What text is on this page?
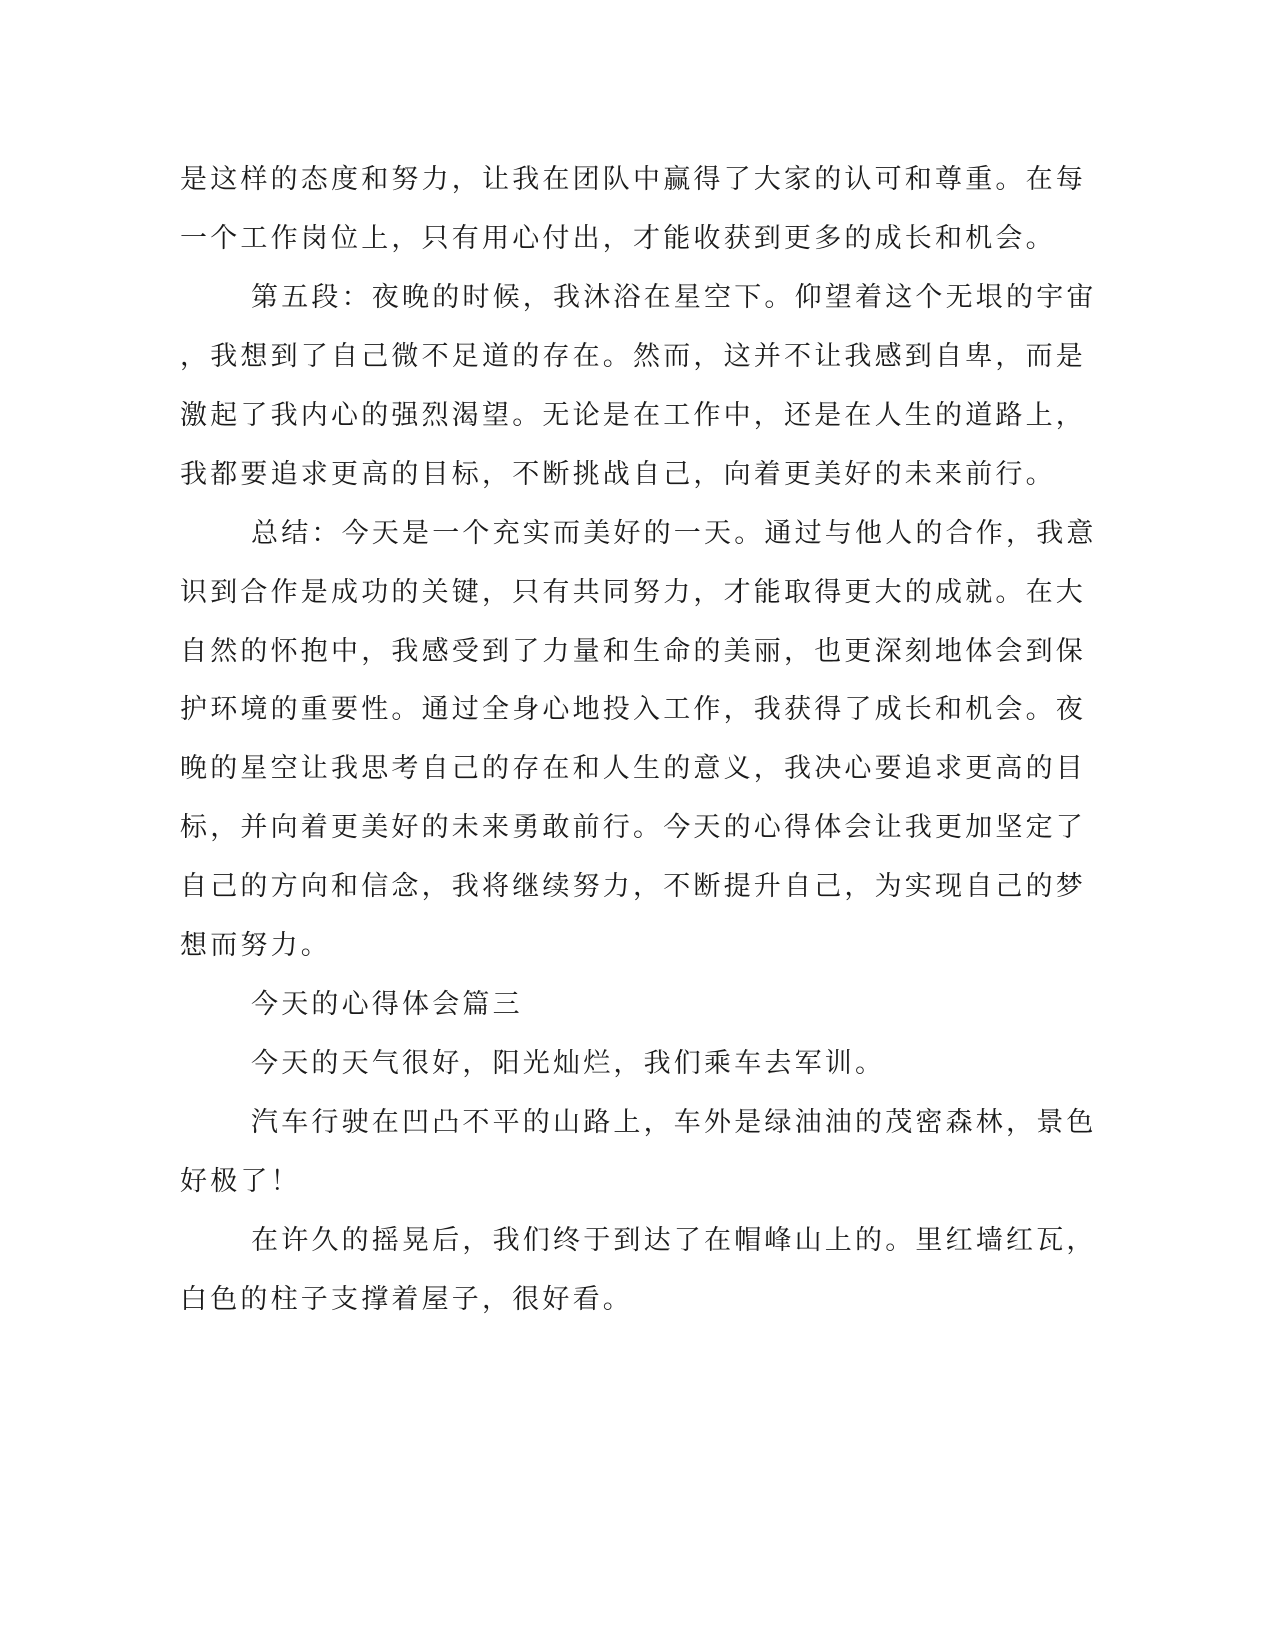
是这样的态度和努力，让我在团队中赢得了大家的认可和尊重。在每
一个工作岗位上，只有用心付出，才能收获到更多的成长和机会。
第五段：夜晚的时候，我沐浴在星空下。仰望着这个无垠的宇宙
，我想到了自己微不足道的存在。然而，这并不让我感到自卑，而是
激起了我内心的强烈渴望。无论是在工作中，还是在人生的道路上，
我都要追求更高的目标，不断挑战自己，向着更美好的未来前行。
总结：今天是一个充实而美好的一天。通过与他人的合作，我意
识到合作是成功的关键，只有共同努力，才能取得更大的成就。在大
自然的怀抱中，我感受到了力量和生命的美丽，也更深刻地体会到保
护环境的重要性。通过全身心地投入工作，我获得了成长和机会。夜
晚的星空让我思考自己的存在和人生的意义，我决心要追求更高的目
标，并向着更美好的未来勇敢前行。今天的心得体会让我更加坚定了
自己的方向和信念，我将继续努力，不断提升自己，为实现自己的梦
想而努力。
今天的心得体会篇三
今天的天气很好，阳光灿烂，我们乘车去军训。
汽车行驶在凹凸不平的山路上，车外是绿油油的茂密森林，景色
好极了！
在许久的摇晃后，我们终于到达了在帽峰山上的。里红墙红瓦，
白色的柱子支撑着屋子，很好看。
